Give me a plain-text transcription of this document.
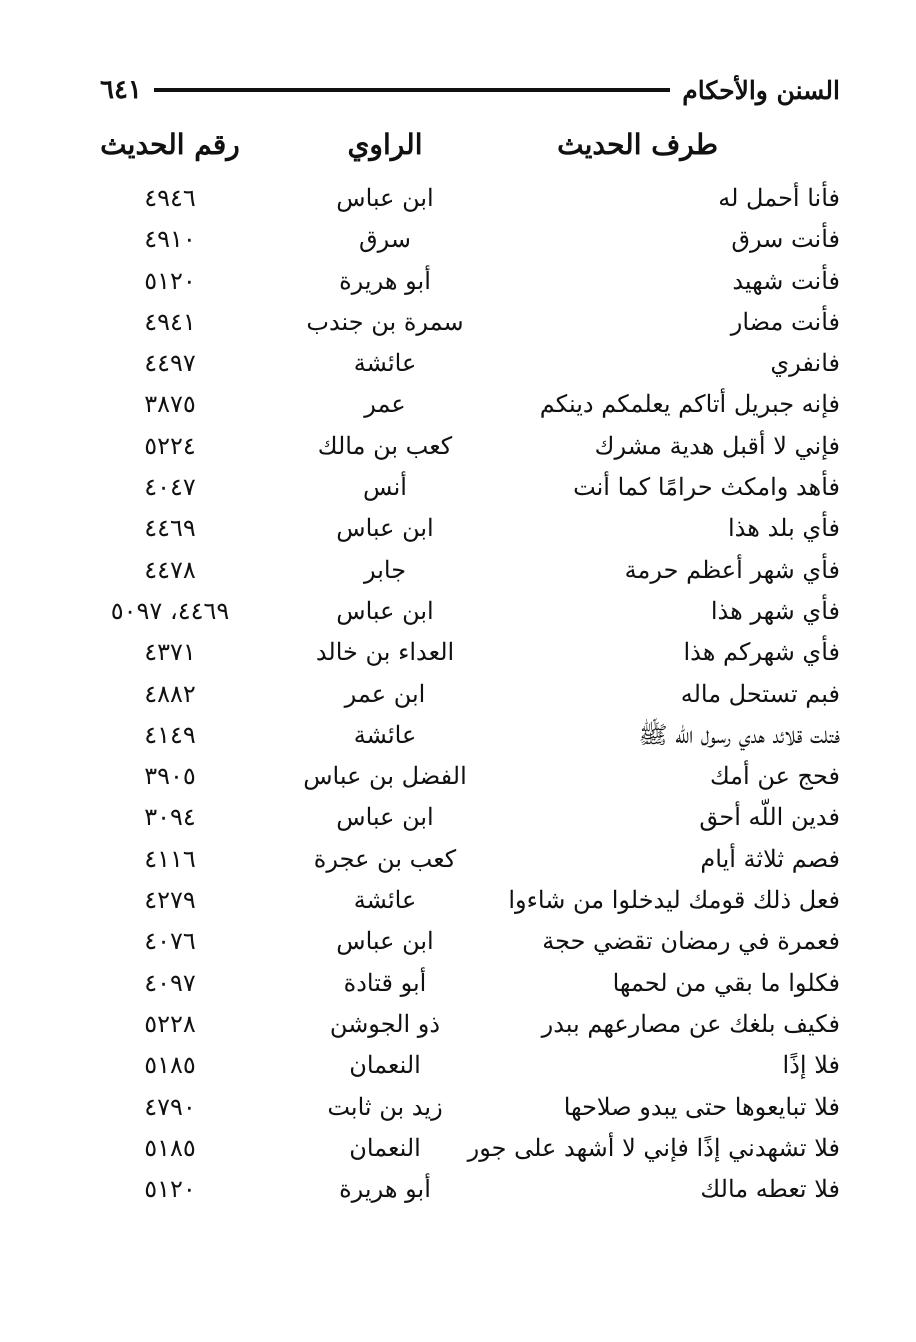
السنن والأحكام
٦٤١
طرف الحديث
الراوي
رقم الحديث
فأنا أحمل له
ابن عباس
٤٩٤٦
فأنت سرق
سرق
٤٩١٠
فأنت شهيد
أبو هريرة
٥١٢٠
فأنت مضار
سمرة بن جندب
٤٩٤١
فانفري
عائشة
٤٤٩٧
فإنه جبريل أتاكم يعلمكم دينكم
عمر
٣٨٧٥
فإني لا أقبل هدية مشرك
كعب بن مالك
٥٢٢٤
فأهد وامكث حرامًا كما أنت
أنس
٤٠٤٧
فأي بلد هذا
ابن عباس
٤٤٦٩
فأي شهر أعظم حرمة
جابر
٤٤٧٨
فأي شهر هذا
ابن عباس
٤٤٦٩، ٥٠٩٧
فأي شهركم هذا
العداء بن خالد
٤٣٧١
فبم تستحل ماله
ابن عمر
٤٨٨٢
فتلت قلائد هدي رسول اللّه ﷺ
عائشة
٤١٤٩
فحج عن أمك
الفضل بن عباس
٣٩٠٥
فدين اللّه أحق
ابن عباس
٣٠٩٤
فصم ثلاثة أيام
كعب بن عجرة
٤١١٦
فعل ذلك قومك ليدخلوا من شاءوا
عائشة
٤٢٧٩
فعمرة في رمضان تقضي حجة
ابن عباس
٤٠٧٦
فكلوا ما بقي من لحمها
أبو قتادة
٤٠٩٧
فكيف بلغك عن مصارعهم ببدر
ذو الجوشن
٥٢٢٨
فلا إذًا
النعمان
٥١٨٥
فلا تبايعوها حتى يبدو صلاحها
زيد بن ثابت
٤٧٩٠
فلا تشهدني إذًا فإني لا أشهد على جور
النعمان
٥١٨٥
فلا تعطه مالك
أبو هريرة
٥١٢٠
